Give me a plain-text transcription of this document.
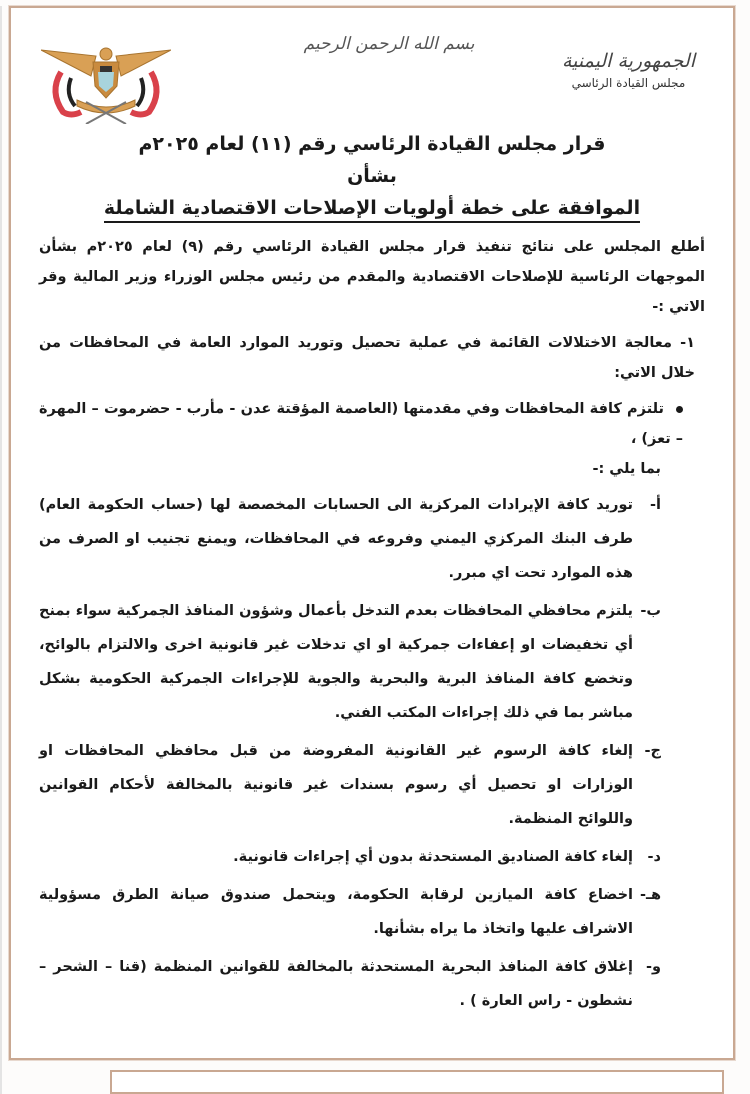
بسم الله الرحمن الرحيم
الجمهورية اليمنية
مجلس القيادة الرئاسي
قرار مجلس القيادة الرئاسي رقم (١١) لعام ٢٠٢٥م
بشأن
الموافقة على خطة أولويات الإصلاحات الاقتصادية الشاملة

أطلع المجلس على نتائج تنفيذ قرار مجلس القيادة الرئاسي رقم (٩) لعام ٢٠٢٥م بشأن الموجهات الرئاسية للإصلاحات الاقتصادية والمقدم من رئيس مجلس الوزراء وزير المالية وقر الاتي :-

١- معالجة الاختلالات القائمة في عملية تحصيل وتوريد الموارد العامة في المحافظات من خلال الاتي:

تلتزم كافة المحافظات وفي مقدمتها (العاصمة المؤقتة عدن - مأرب - حضرموت – المهرة – تعز) ،

بما يلي :-

أ-
توريد كافة الإيرادات المركزية الى الحسابات المخصصة لها (حساب الحكومة العام) طرف البنك المركزي اليمني وفروعه في المحافظات، ويمنع تجنيب او الصرف من هذه الموارد تحت اي مبرر.
ب-
يلتزم محافظي المحافظات بعدم التدخل بأعمال وشؤون المنافذ الجمركية سواء بمنح أي تخفيضات او إعفاءات جمركية او اي تدخلات غير قانونية اخرى والالتزام بالوائح، وتخضع كافة المنافذ البرية والبحرية والجوية للإجراءات الجمركية الحكومية بشكل مباشر بما في ذلك إجراءات المكتب الفني.
ج-
إلغاء كافة الرسوم غير القانونية المفروضة من قبل محافظي المحافظات او الوزارات او تحصيل أي رسوم بسندات غير قانونية بالمخالفة لأحكام القوانين واللوائح المنظمة.
د-
إلغاء كافة الصناديق المستحدثة بدون أي إجراءات قانونية.
هـ-
اخضاع كافة الميازين لرقابة الحكومة، ويتحمل صندوق صيانة الطرق مسؤولية الاشراف عليها واتخاذ ما يراه بشأنها.
و-
إغلاق كافة المنافذ البحرية المستحدثة بالمخالفة للقوانين المنظمة (قنا – الشحر – نشطون - راس العارة ) .
